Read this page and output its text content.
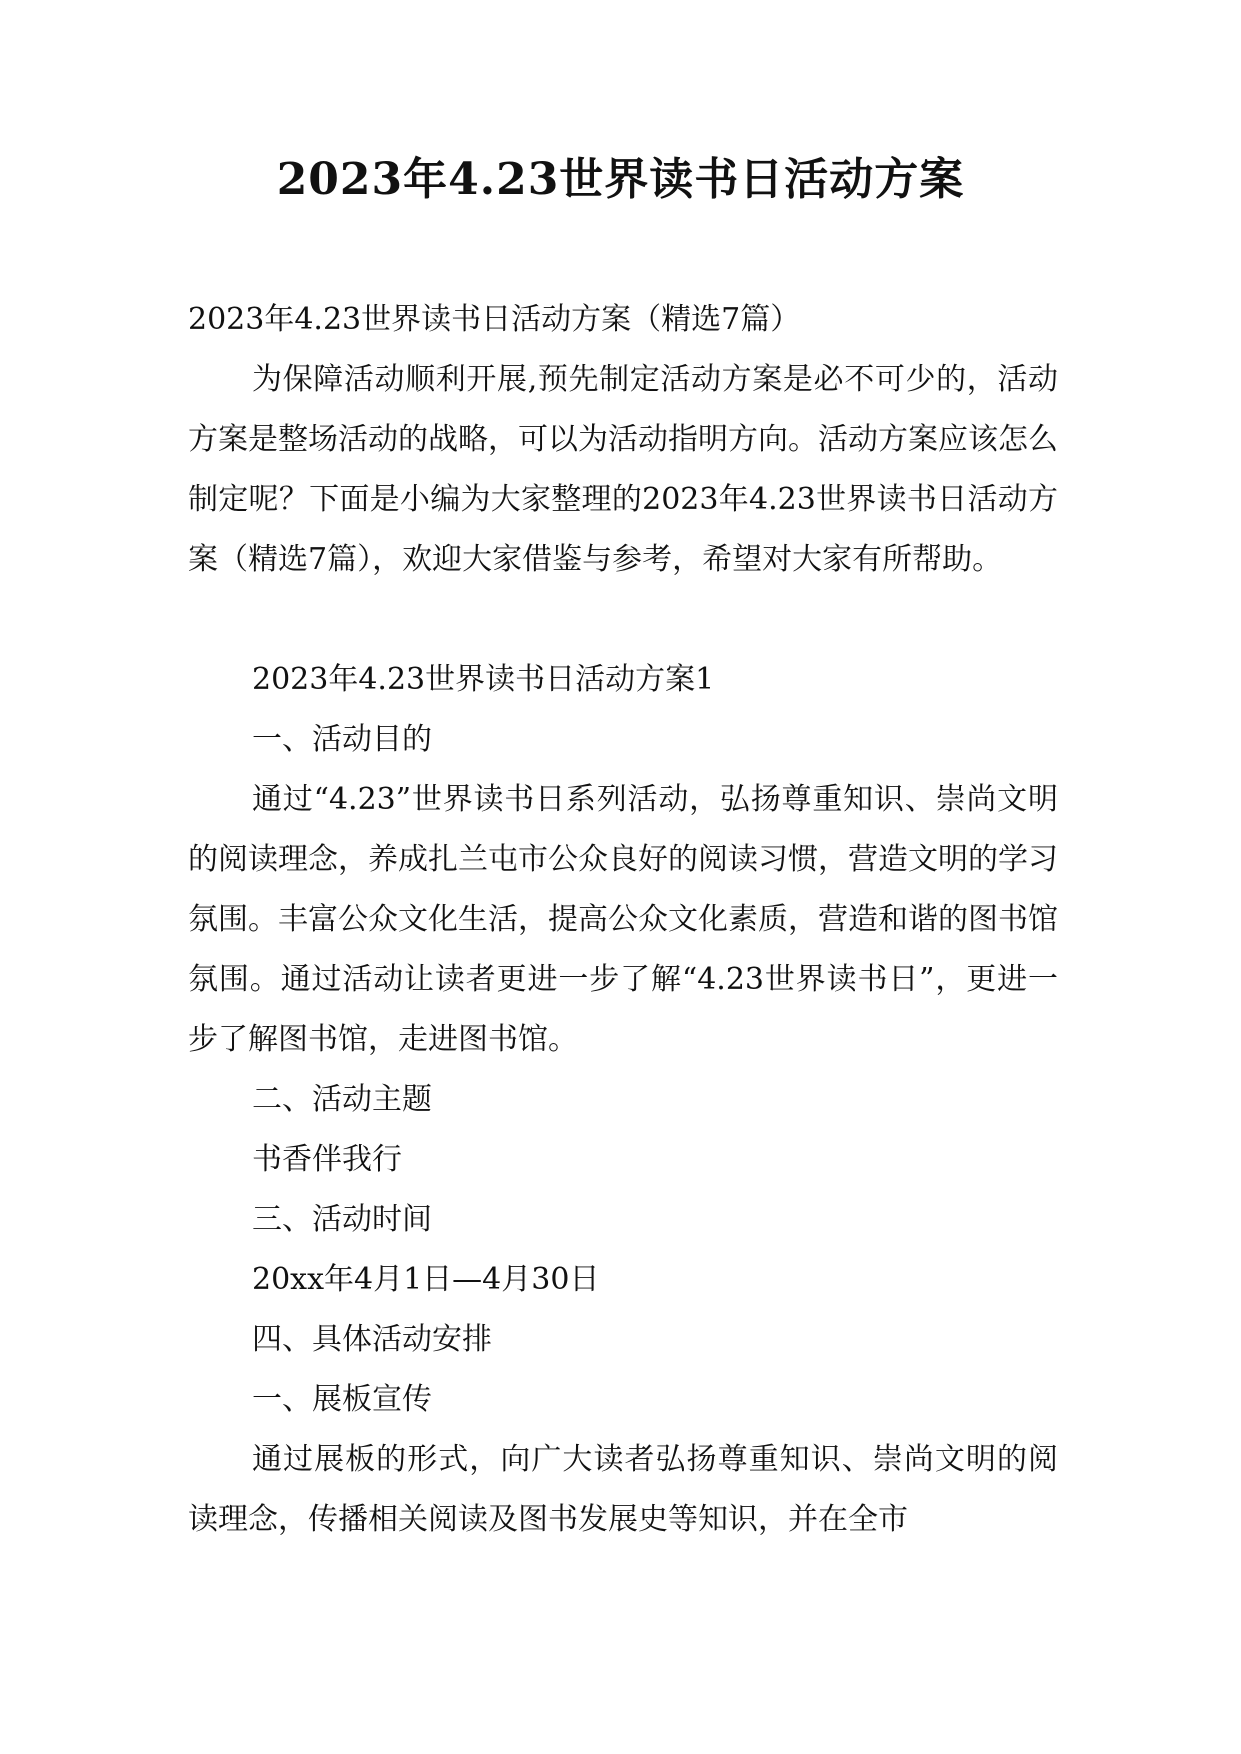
2023年4.23世界读书日活动方案

2023年4.23世界读书日活动方案（精选7篇）

为保障活动顺利开展,预先制定活动方案是必不可少的，活动方案是整场活动的战略，可以为活动指明方向。活动方案应该怎么制定呢？下面是小编为大家整理的2023年4.23世界读书日活动方案（精选7篇），欢迎大家借鉴与参考，希望对大家有所帮助。

2023年4.23世界读书日活动方案1

一、活动目的

通过“4.23”世界读书日系列活动，弘扬尊重知识、崇尚文明的阅读理念，养成扎兰屯市公众良好的阅读习惯，营造文明的学习氛围。丰富公众文化生活，提高公众文化素质，营造和谐的图书馆氛围。通过活动让读者更进一步了解“4.23世界读书日”，更进一步了解图书馆，走进图书馆。

二、活动主题

书香伴我行

三、活动时间

20xx年4月1日—4月30日

四、具体活动安排

一、展板宣传

通过展板的形式，向广大读者弘扬尊重知识、崇尚文明的阅读理念，传播相关阅读及图书发展史等知识，并在全市
